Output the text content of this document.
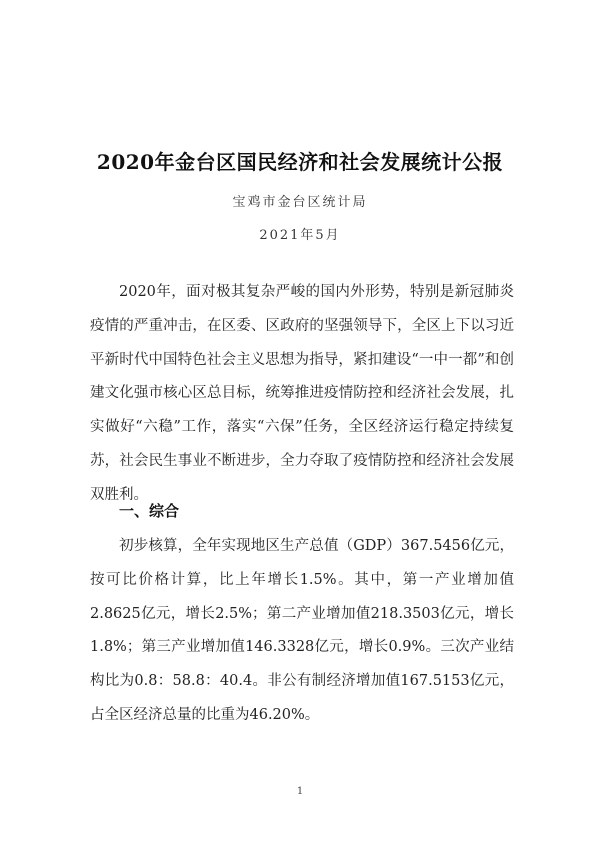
2020年金台区国民经济和社会发展统计公报
宝鸡市金台区统计局
2021年5月
2020年，面对极其复杂严峻的国内外形势，特别是新冠肺炎疫情的严重冲击，在区委、区政府的坚强领导下，全区上下以习近平新时代中国特色社会主义思想为指导，紧扣建设“一中一都”和创建文化强市核心区总目标，统筹推进疫情防控和经济社会发展，扎实做好“六稳”工作，落实“六保”任务，全区经济运行稳定持续复苏，社会民生事业不断进步，全力夺取了疫情防控和经济社会发展双胜利。
一、综合
初步核算，全年实现地区生产总值（GDP）367.5456亿元，按可比价格计算，比上年增长1.5%。其中，第一产业增加值2.8625亿元，增长2.5%；第二产业增加值218.3503亿元，增长1.8%；第三产业增加值146.3328亿元，增长0.9%。三次产业结构比为0.8：58.8：40.4。非公有制经济增加值167.5153亿元，占全区经济总量的比重为46.20%。
1
